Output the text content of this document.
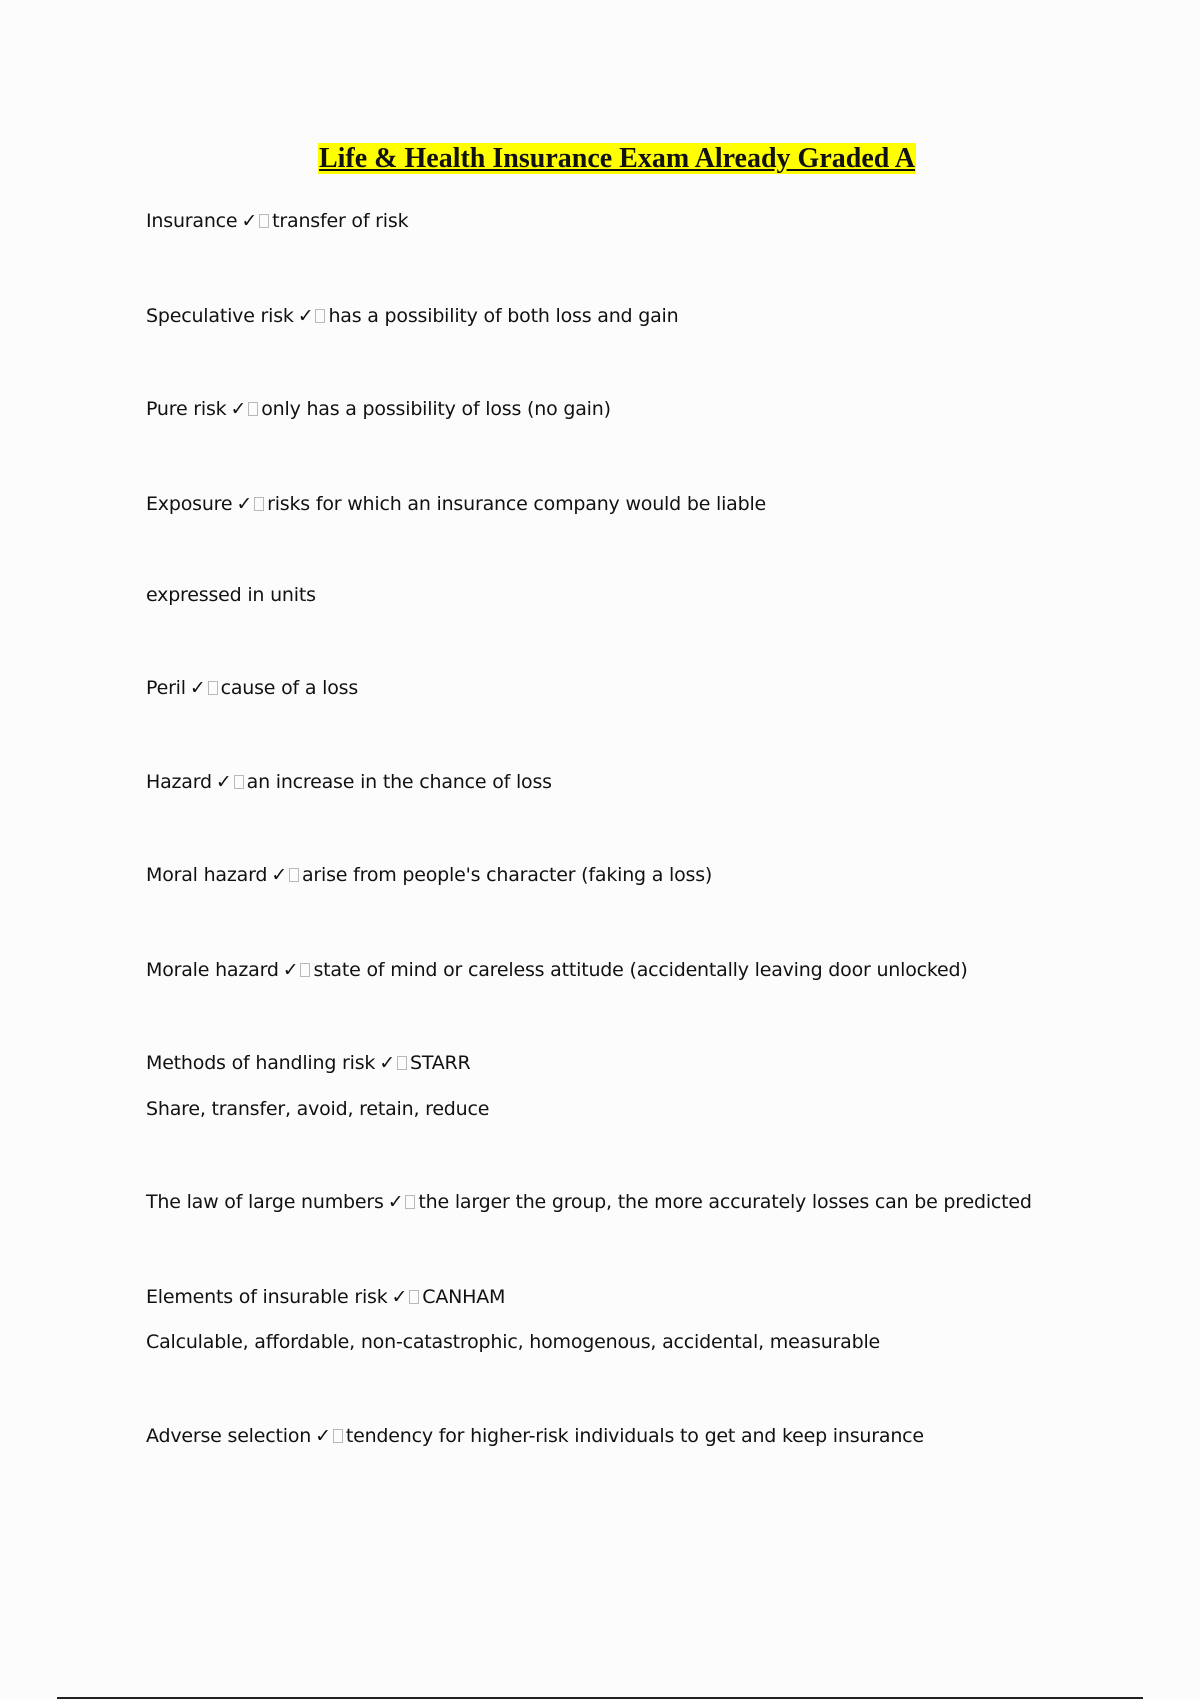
Life & Health Insurance Exam Already Graded A
Insurance ✓ transfer of risk
Speculative risk ✓ has a possibility of both loss and gain
Pure risk ✓ only has a possibility of loss (no gain)
Exposure ✓ risks for which an insurance company would be liable
expressed in units
Peril ✓ cause of a loss
Hazard ✓ an increase in the chance of loss
Moral hazard ✓ arise from people's character (faking a loss)
Morale hazard ✓ state of mind or careless attitude (accidentally leaving door unlocked)
Methods of handling risk ✓ STARR
Share, transfer, avoid, retain, reduce
The law of large numbers ✓ the larger the group, the more accurately losses can be predicted
Elements of insurable risk ✓ CANHAM
Calculable, affordable, non-catastrophic, homogenous, accidental, measurable
Adverse selection ✓ tendency for higher-risk individuals to get and keep insurance
